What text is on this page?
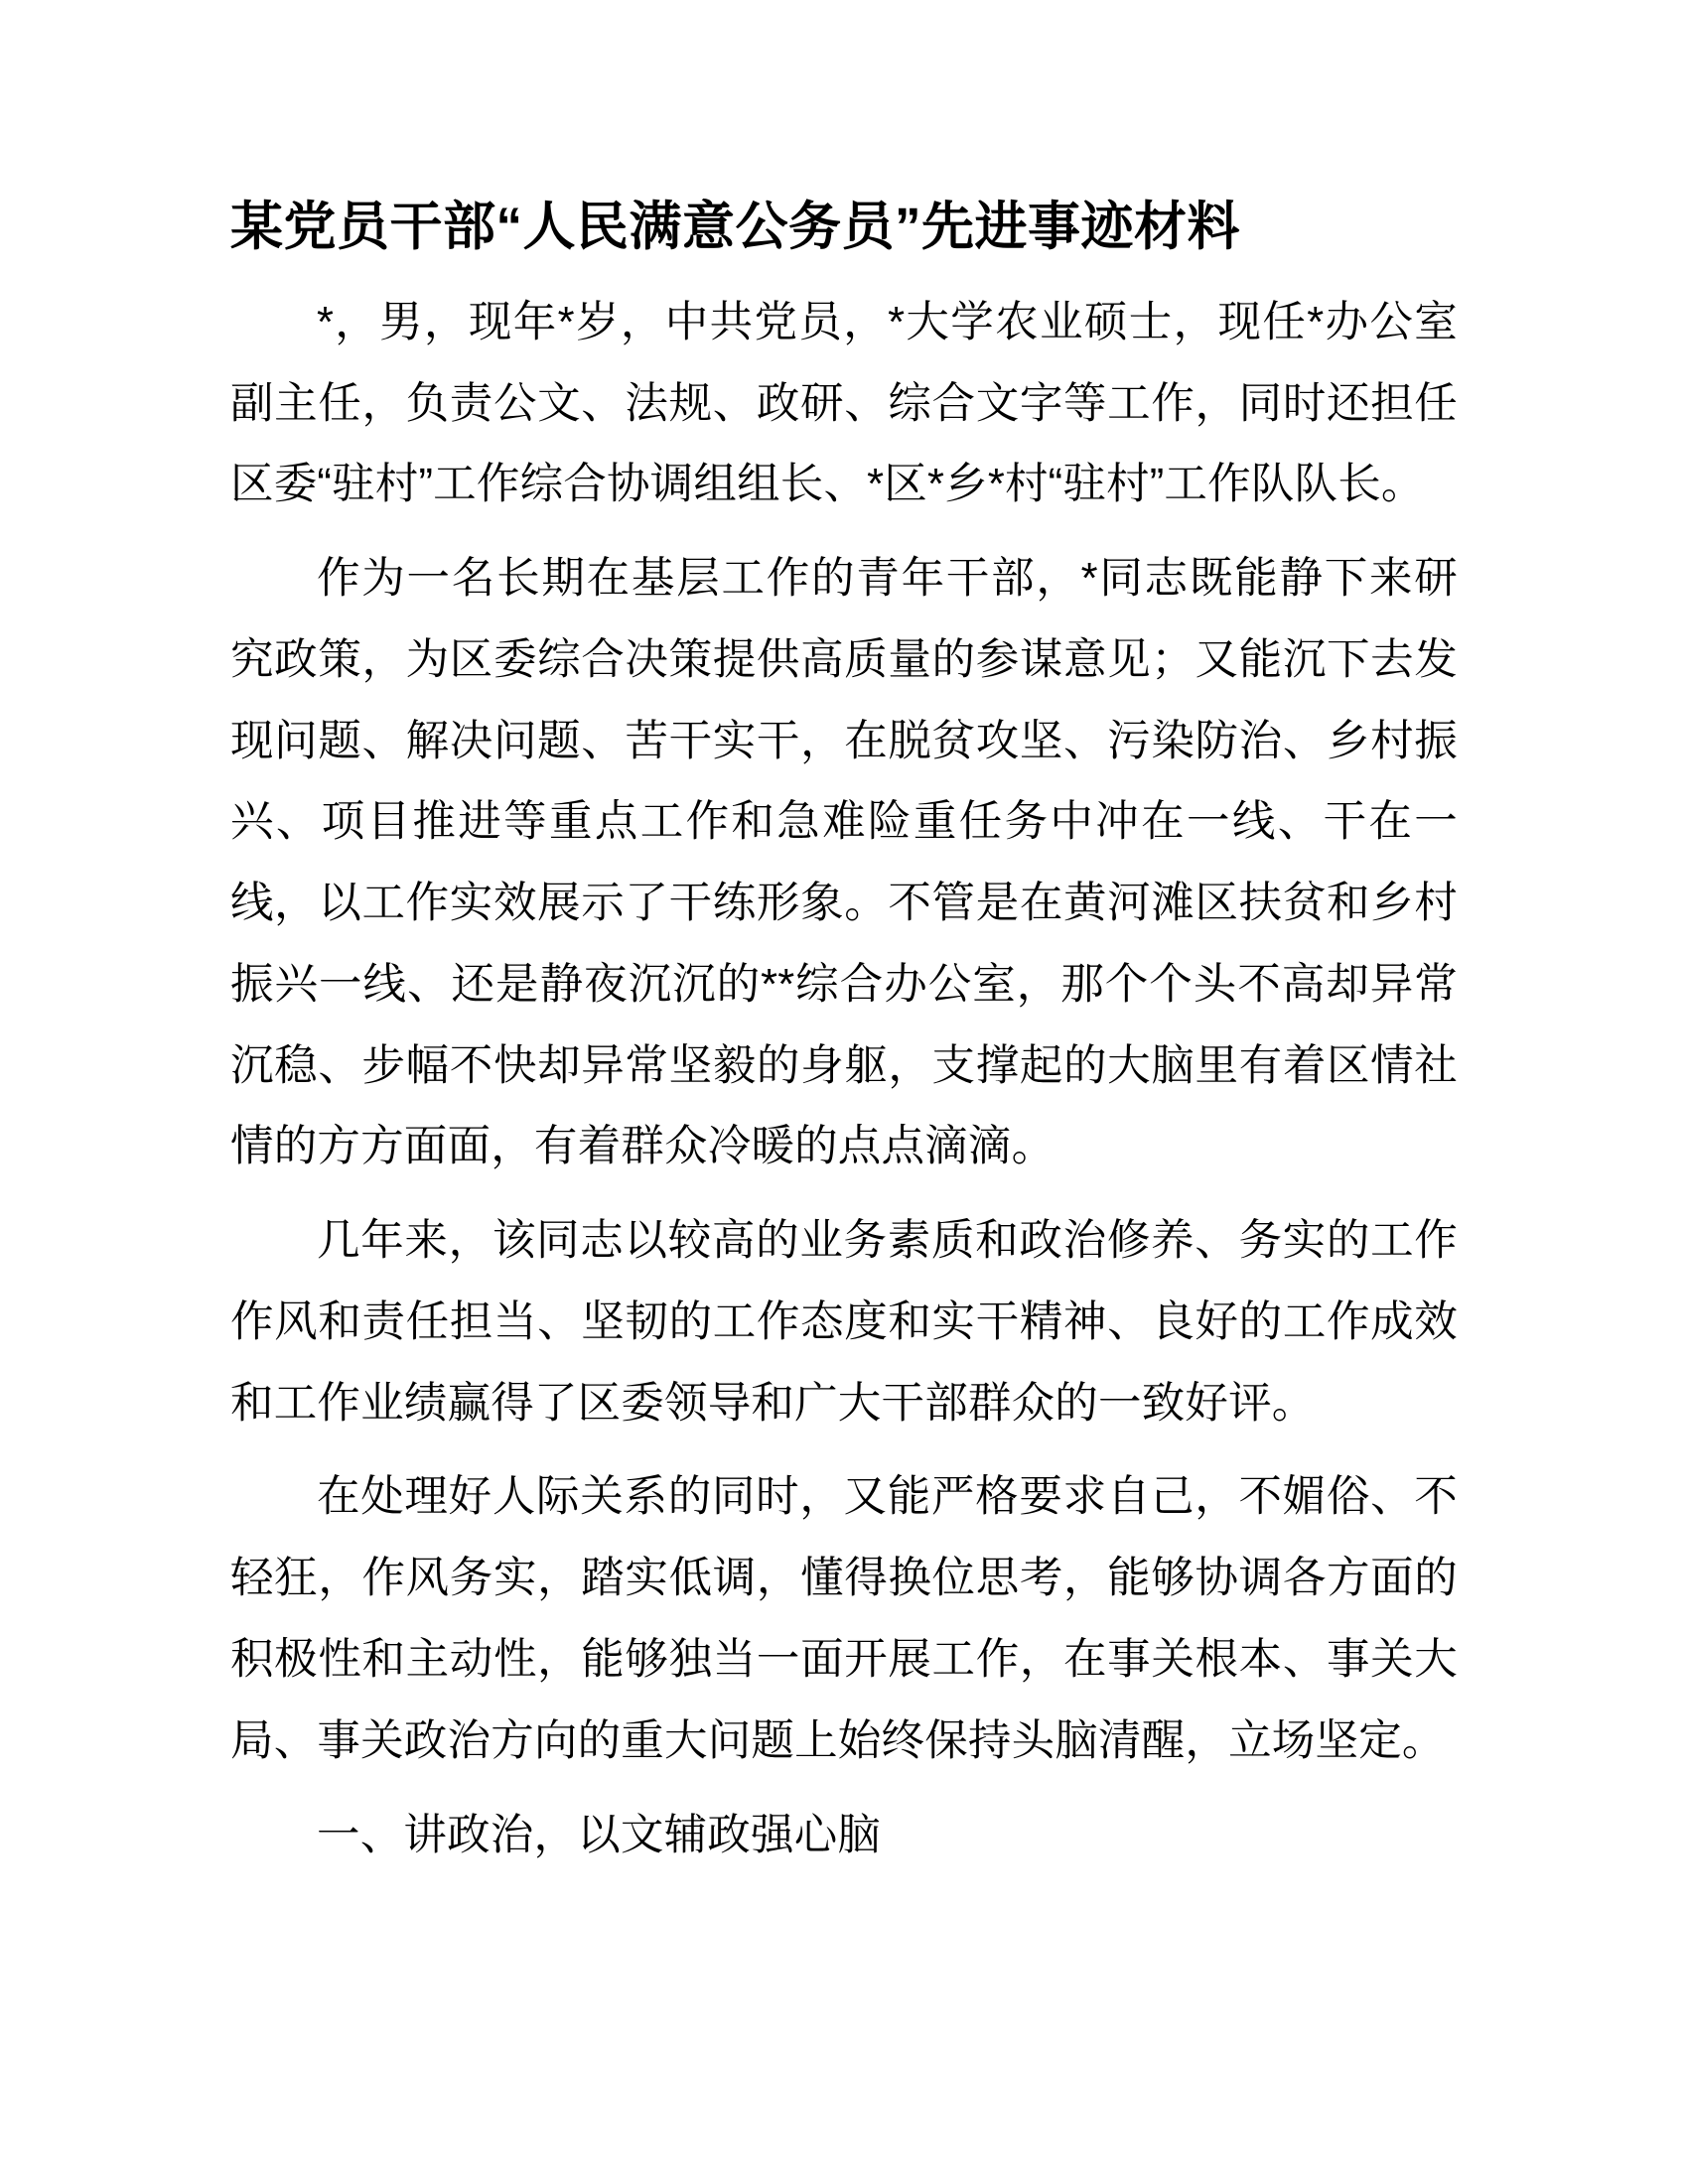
某党员干部“人民满意公务员”先进事迹材料

*，男，现年*岁，中共党员，*大学农业硕士，现任*办公室副主任，负责公文、法规、政研、综合文字等工作，同时还担任区委“驻村”工作综合协调组组长、*区*乡*村“驻村”工作队队长。

作为一名长期在基层工作的青年干部，*同志既能静下来研究政策，为区委综合决策提供高质量的参谋意见；又能沉下去发现问题、解决问题、苦干实干，在脱贫攻坚、污染防治、乡村振兴、项目推进等重点工作和急难险重任务中冲在一线、干在一线，以工作实效展示了干练形象。不管是在黄河滩区扶贫和乡村振兴一线、还是静夜沉沉的**综合办公室，那个个头不高却异常沉稳、步幅不快却异常坚毅的身躯，支撑起的大脑里有着区情社情的方方面面，有着群众冷暖的点点滴滴。

几年来，该同志以较高的业务素质和政治修养、务实的工作作风和责任担当、坚韧的工作态度和实干精神、良好的工作成效和工作业绩赢得了区委领导和广大干部群众的一致好评。

在处理好人际关系的同时，又能严格要求自己，不媚俗、不轻狂，作风务实，踏实低调，懂得换位思考，能够协调各方面的积极性和主动性，能够独当一面开展工作，在事关根本、事关大局、事关政治方向的重大问题上始终保持头脑清醒，立场坚定。

一、讲政治，以文辅政强心脑
